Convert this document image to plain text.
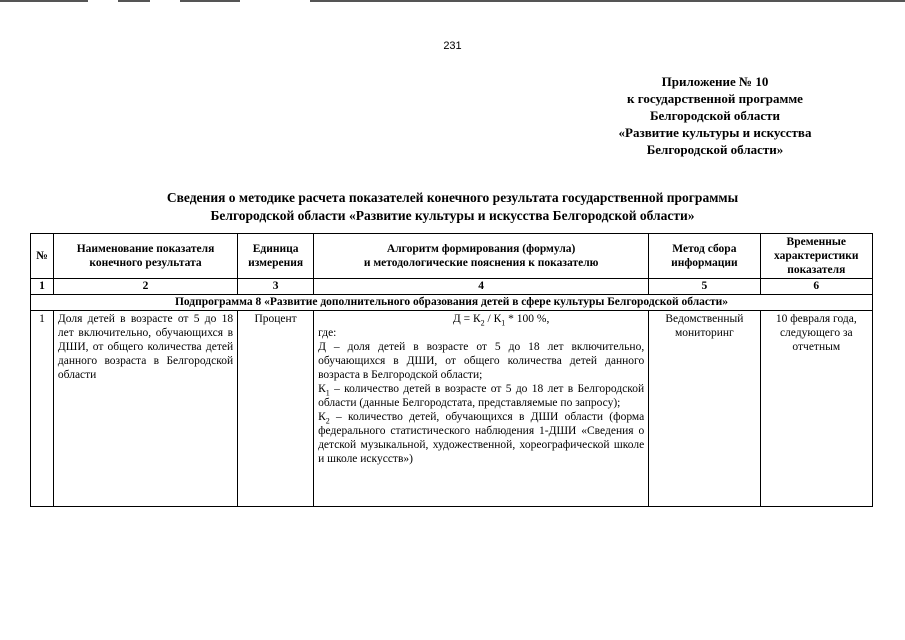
231
Приложение № 10
к государственной программе
Белгородской области
«Развитие культуры и искусства
Белгородской области»
Сведения о методике расчета показателей конечного результата государственной программы
Белгородской области «Развитие культуры и искусства Белгородской области»
№	Наименование показателя конечного результата	Единица измерения	Алгоритм формирования (формула)
и методологические пояснения к показателю	Метод сбора информации	Временные характеристики показателя
1	2	3	4	5	6
Подпрограмма 8 «Развитие дополнительного образования детей в сфере культуры Белгородской области»					
1	Доля детей в возрасте от 5 до 18 лет включительно, обучающихся в ДШИ, от общего количества детей данного возраста в Белгородской области	Процент	$Д = К_2 / К_1 * 100$ %,
где:
Д – доля детей в возрасте от 5 до 18 лет включительно, обучающихся в ДШИ, от общего количества детей данного возраста в Белгородской области;
$К_1$ – количество детей в возрасте от 5 до 18 лет в Белгородской области (данные Белгородстата, представляемые по запросу);
$К_2$ – количество детей, обучающихся в ДШИ области (форма федерального статистического наблюдения 1-ДШИ «Сведения о детской музыкальной, художественной, хореографической школе и школе искусств»)	Ведомственный мониторинг	10 февраля года, следующего за отчетным
